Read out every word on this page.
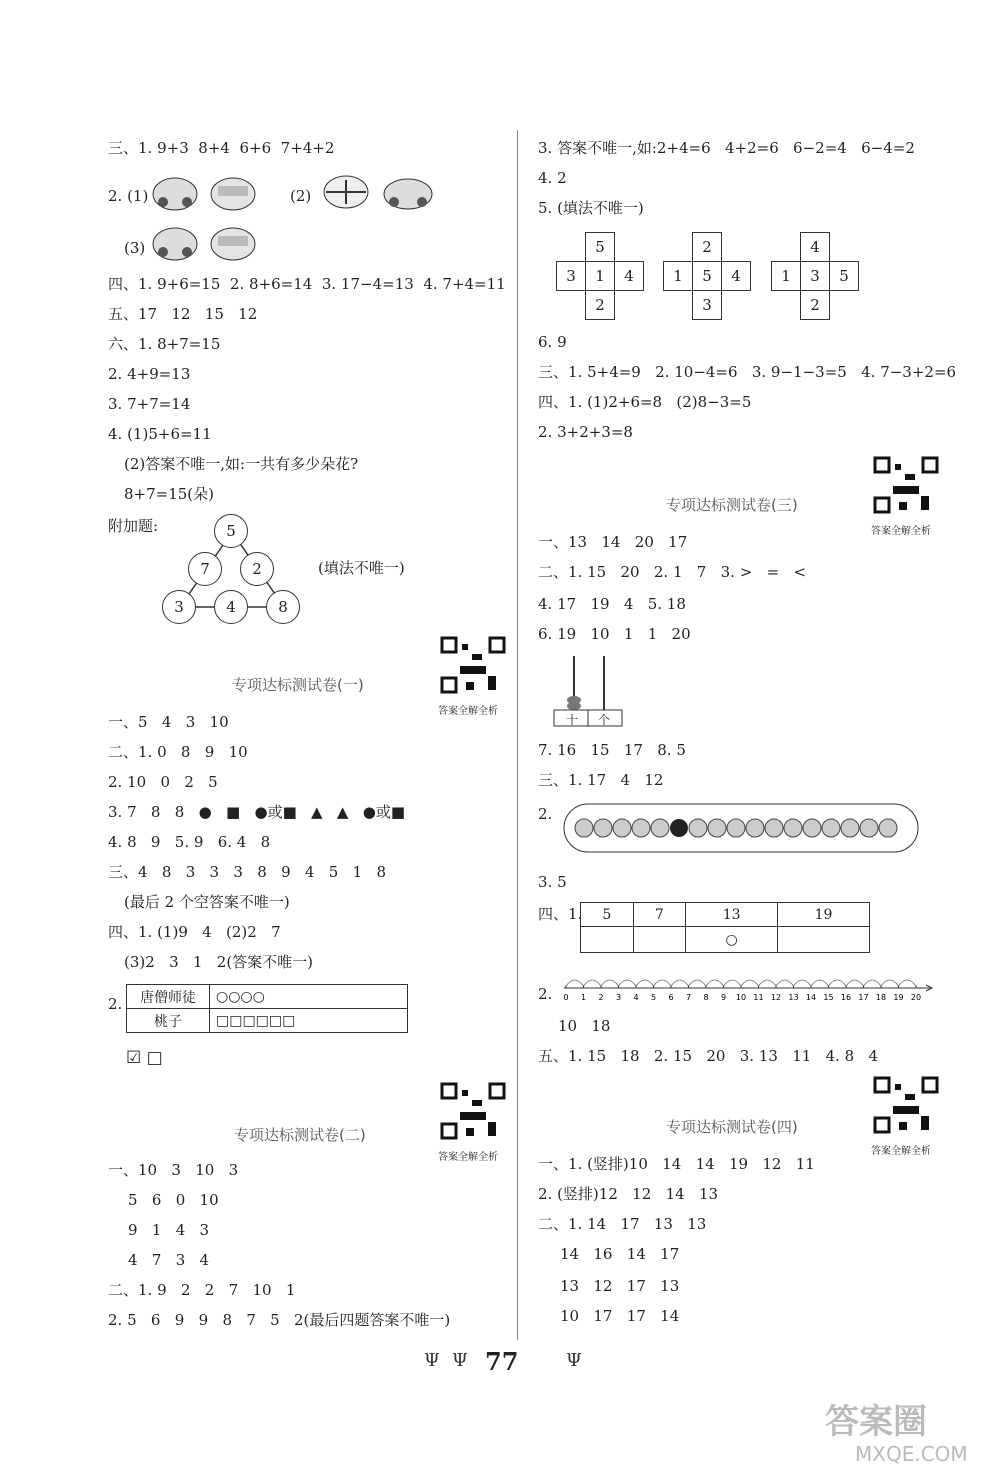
三、1. 9+3  8+4  6+6  7+4+2
2. (1)	(2)
(3)
四、1. 9+6=15  2. 8+6=14  3. 17−4=13  4. 7+4=11
五、17   12   15   12
六、1. 8+7=15
2. 4+9=13
3. 7+7=14
4. (1)5+6=11
(2)答案不唯一,如:一共有多少朵花?
8+7=15(朵)
附加题:	5
7	2
3	4	8
(填法不唯一)
答案全解全析
专项达标测试卷(一)
一、5   4   3   10
二、1. 0   8   9   10
2. 10   0   2   5
3. 7   8   8   ●   ■   ●或■   ▲   ▲   ●或■
4. 8   9   5. 9   6. 4   8
三、4   8   3   3   3   8   9   4   5   1   8
(最后 2 个空答案不唯一)
四、1. (1)9   4   (2)2   7
(3)2   3   1   2(答案不唯一)
2. 唐僧师徒	○○○○
桃子	□□□□□□
☑ □
答案全解全析
专项达标测试卷(二)
一、10   3   10   3
5   6   0   10
9   1   4   3
4   7   3   4
二、1. 9   2   2   7   10   1
2. 5   6   9   9   8   7   5   2(最后四题答案不唯一)
3. 答案不唯一,如:2+4=6   4+2=6   6−2=4   6−4=2
4. 2
5. (填法不唯一)
5
3	1	4
2
2
1	5	4
3
4
1	3	5
2
6. 9
三、1. 5+4=9   2. 10−4=6   3. 9−1−3=5   4. 7−3+2=6
四、1. (1)2+6=8   (2)8−3=5
2. 3+2+3=8
答案全解全析
专项达标测试卷(三)
一、13   14   20   17
二、1. 15   20   2. 1   7   3. >   =   <
4. 17   19   4   5. 18
6. 19   10   1   1   20
十 个
7. 16   15   17   8. 5
三、1. 17   4   12
2.
3. 5
四、1. 5	7	13	19
		○	
2. 0 1 2 3 4 5 6 7 8 9 10 11 12 13 14 15 16 17 18 19 20
10   18
五、1. 15   18   2. 15   20   3. 13   11   4. 8   4
答案全解全析
专项达标测试卷(四)
一、1. (竖排)10   14   14   19   12   11
2. (竖排)12   12   14   13
二、1. 14   17   13   13
14   16   14   17
13   12   17   13
10   17   17   14
Ψ Ψ 77	Ψ
答案圈
MXQE.COM
